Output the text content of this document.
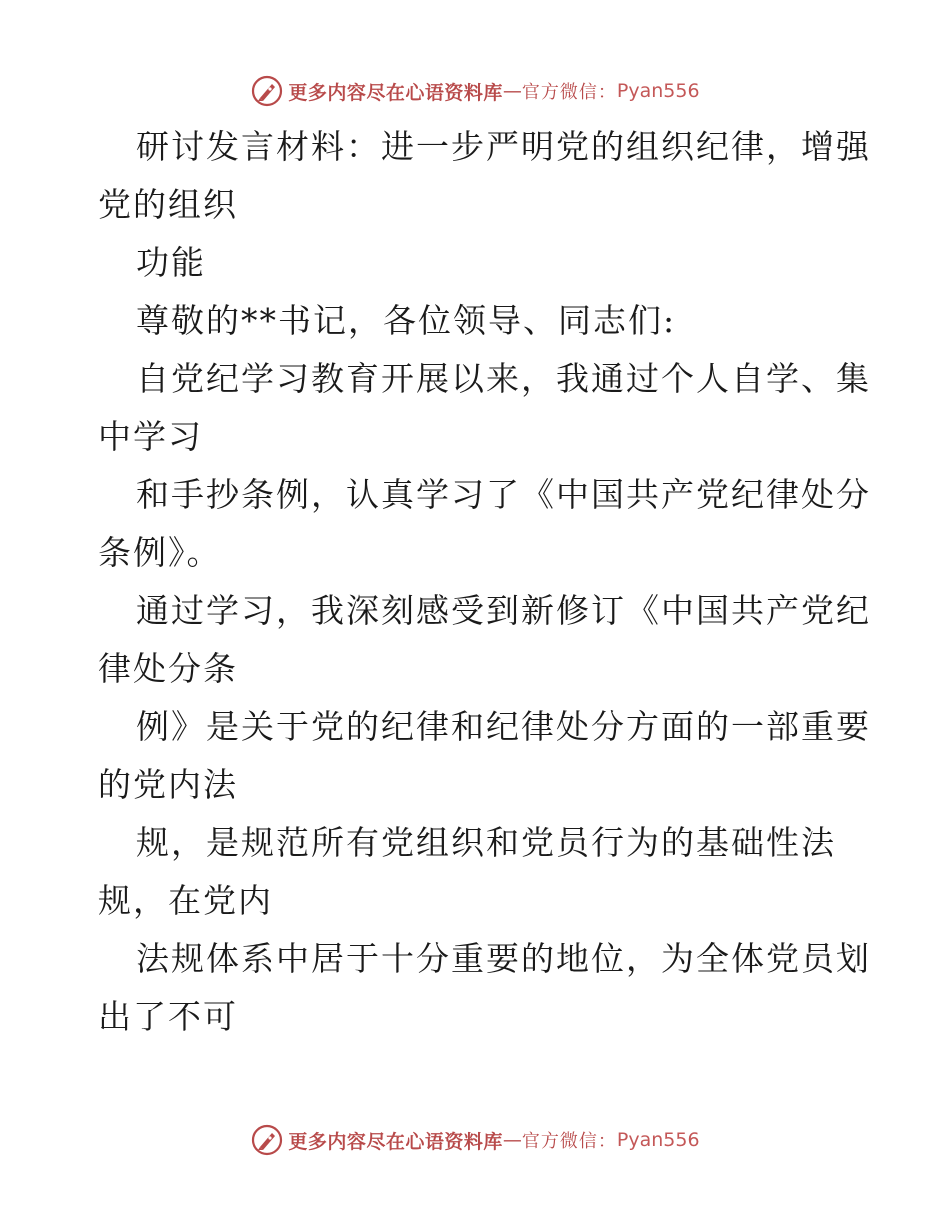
更多内容尽在心语资料库 — 官方微信： Pyan556
研讨发言材料：进一步严明党的组织纪律，增强
党的组织
功能
尊敬的**书记，各位领导、同志们:
自党纪学习教育开展以来，我通过个人自学、集
中学习
和手抄条例，认真学习了《中国共产党纪律处分
条例》。
通过学习，我深刻感受到新修订《中国共产党纪
律处分条
例》是关于党的纪律和纪律处分方面的一部重要
的党内法
规，是规范所有党组织和党员行为的基础性法
规，在党内
法规体系中居于十分重要的地位，为全体党员划
出了不可
更多内容尽在心语资料库 — 官方微信： Pyan556
